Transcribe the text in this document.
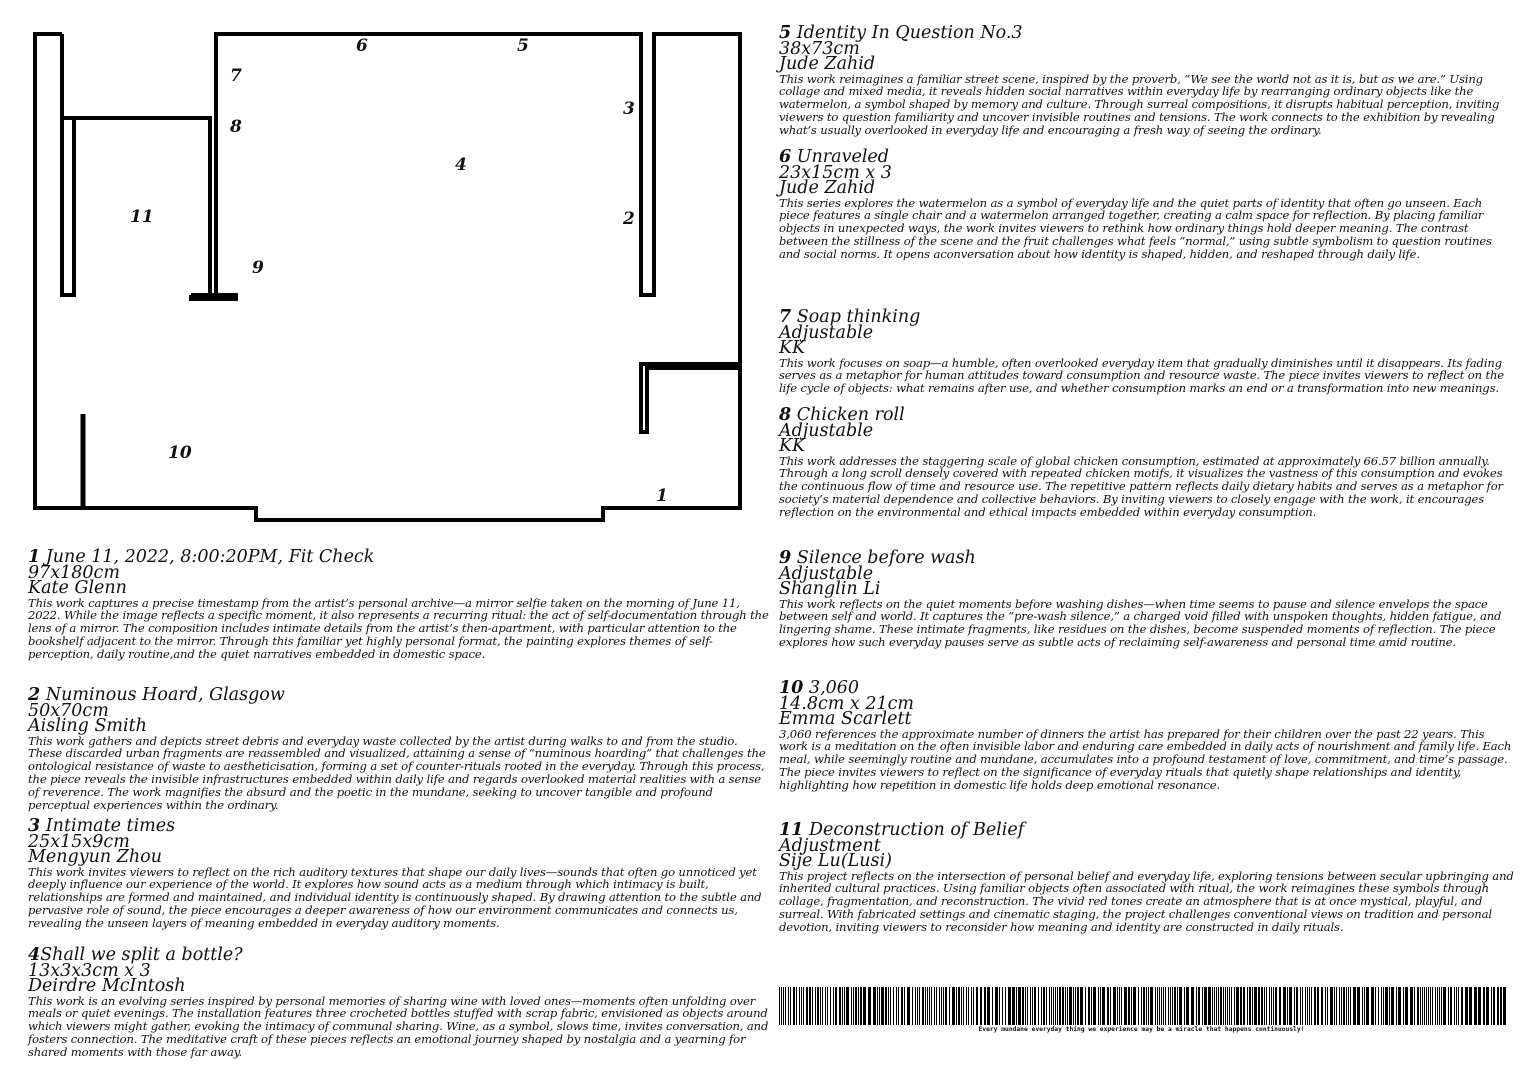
1
2
3
4
5
6
7
8
9
10
11
1 June 11, 2022, 8:00:20PM, Fit Check
97x180cm
Kate Glenn

This work captures a precise timestamp from the artist’s personal archive—a mirror selfie taken on the morning of June 11, 2022. While the image reflects a specific moment, it also represents a recurring ritual: the act of self-documentation through the lens of a mirror. The composition includes intimate details from the artist’s then-apartment, with particular attention to the bookshelf adjacent to the mirror. Through this familiar yet highly personal format, the painting explores themes of self-perception, daily routine,and the quiet narratives embedded in domestic space.

2 Numinous Hoard, Glasgow
50x70cm
Aisling Smith

This work gathers and depicts street debris and everyday waste collected by the artist during walks to and from the studio. These discarded urban fragments are reassembled and visualized, attaining a sense of “numinous hoarding” that challenges the ontological resistance of waste to aestheticisation, forming a set of counter-rituals rooted in the everyday. Through this process, the piece reveals the invisible infrastructures embedded within daily life and regards overlooked material realities with a sense of reverence. The work magnifies the absurd and the poetic in the mundane, seeking to uncover tangible and profound perceptual experiences within the ordinary.

3 Intimate times
25x15x9cm
Mengyun Zhou

This work invites viewers to reflect on the rich auditory textures that shape our daily lives—sounds that often go unnoticed yet deeply influence our experience of the world. It explores how sound acts as a medium through which intimacy is built, relationships are formed and maintained, and individual identity is continuously shaped. By drawing attention to the subtle and pervasive role of sound, the piece encourages a deeper awareness of how our environment communicates and connects us, revealing the unseen layers of meaning embedded in everyday auditory moments.

4Shall we split a bottle?
13x3x3cm x 3
Deirdre McIntosh

This work is an evolving series inspired by personal memories of sharing wine with loved ones—moments often unfolding over meals or quiet evenings. The installation features three crocheted bottles stuffed with scrap fabric, envisioned as objects around which viewers might gather, evoking the intimacy of communal sharing. Wine, as a symbol, slows time, invites conversation, and fosters connection. The meditative craft of these pieces reflects an emotional journey shaped by nostalgia and a yearning for shared moments with those far away.

5 Identity In Question No.3
38x73cm
Jude Zahid

This work reimagines a familiar street scene, inspired by the proverb, “We see the world not as it is, but as we are.” Using collage and mixed media, it reveals hidden social narratives within everyday life by rearranging ordinary objects like the watermelon, a symbol shaped by memory and culture. Through surreal compositions, it disrupts habitual perception, inviting viewers to question familiarity and uncover invisible routines and tensions. The work connects to the exhibition by revealing what’s usually overlooked in everyday life and encouraging a fresh way of seeing the ordinary.

6 Unraveled
23x15cm x 3
Jude Zahid

This series explores the watermelon as a symbol of everyday life and the quiet parts of identity that often go unseen. Each piece features a single chair and a watermelon arranged together, creating a calm space for reflection. By placing familiar objects in unexpected ways, the work invites viewers to rethink how ordinary things hold deeper meaning. The contrast between the stillness of the scene and the fruit challenges what feels “normal,” using subtle symbolism to question routines and social norms. It opens aconversation about how identity is shaped, hidden, and reshaped through daily life.

7 Soap thinking
Adjustable
KK

This work focuses on soap—a humble, often overlooked everyday item that gradually diminishes until it disappears. Its fading serves as a metaphor for human attitudes toward consumption and resource waste. The piece invites viewers to reflect on the life cycle of objects: what remains after use, and whether consumption marks an end or a transformation into new meanings.

8 Chicken roll
Adjustable
KK

This work addresses the staggering scale of global chicken consumption, estimated at approximately 66.57 billion annually. Through a long scroll densely covered with repeated chicken motifs, it visualizes the vastness of this consumption and evokes the continuous flow of time and resource use. The repetitive pattern reflects daily dietary habits and serves as a metaphor for society’s material dependence and collective behaviors. By inviting viewers to closely engage with the work, it encourages reflection on the environmental and ethical impacts embedded within everyday consumption.

9 Silence before wash
Adjustable
Shanglin Li

This work reflects on the quiet moments before washing dishes—when time seems to pause and silence envelops the space between self and world. It captures the “pre-wash silence,” a charged void filled with unspoken thoughts, hidden fatigue, and lingering shame. These intimate fragments, like residues on the dishes, become suspended moments of reflection. The piece explores how such everyday pauses serve as subtle acts of reclaiming self-awareness and personal time amid routine.

10 3,060
14.8cm x 21cm
Emma Scarlett

3,060 references the approximate number of dinners the artist has prepared for their children over the past 22 years. This work is a meditation on the often invisible labor and enduring care embedded in daily acts of nourishment and family life. Each meal, while seemingly routine and mundane, accumulates into a profound testament of love, commitment, and time’s passage. The piece invites viewers to reflect on the significance of everyday rituals that quietly shape relationships and identity, highlighting how repetition in domestic life holds deep emotional resonance.

11 Deconstruction of Belief
Adjustment
Sije Lu(Lusi)

This project reflects on the intersection of personal belief and everyday life, exploring tensions between secular upbringing and inherited cultural practices. Using familiar objects often associated with ritual, the work reimagines these symbols through collage, fragmentation, and reconstruction. The vivid red tones create an atmosphere that is at once mystical, playful, and surreal. With fabricated settings and cinematic staging, the project challenges conventional views on tradition and personal devotion, inviting viewers to reconsider how meaning and identity are constructed in daily rituals.

Every mundane everyday thing we experience may be a miracle that happens continuously!
